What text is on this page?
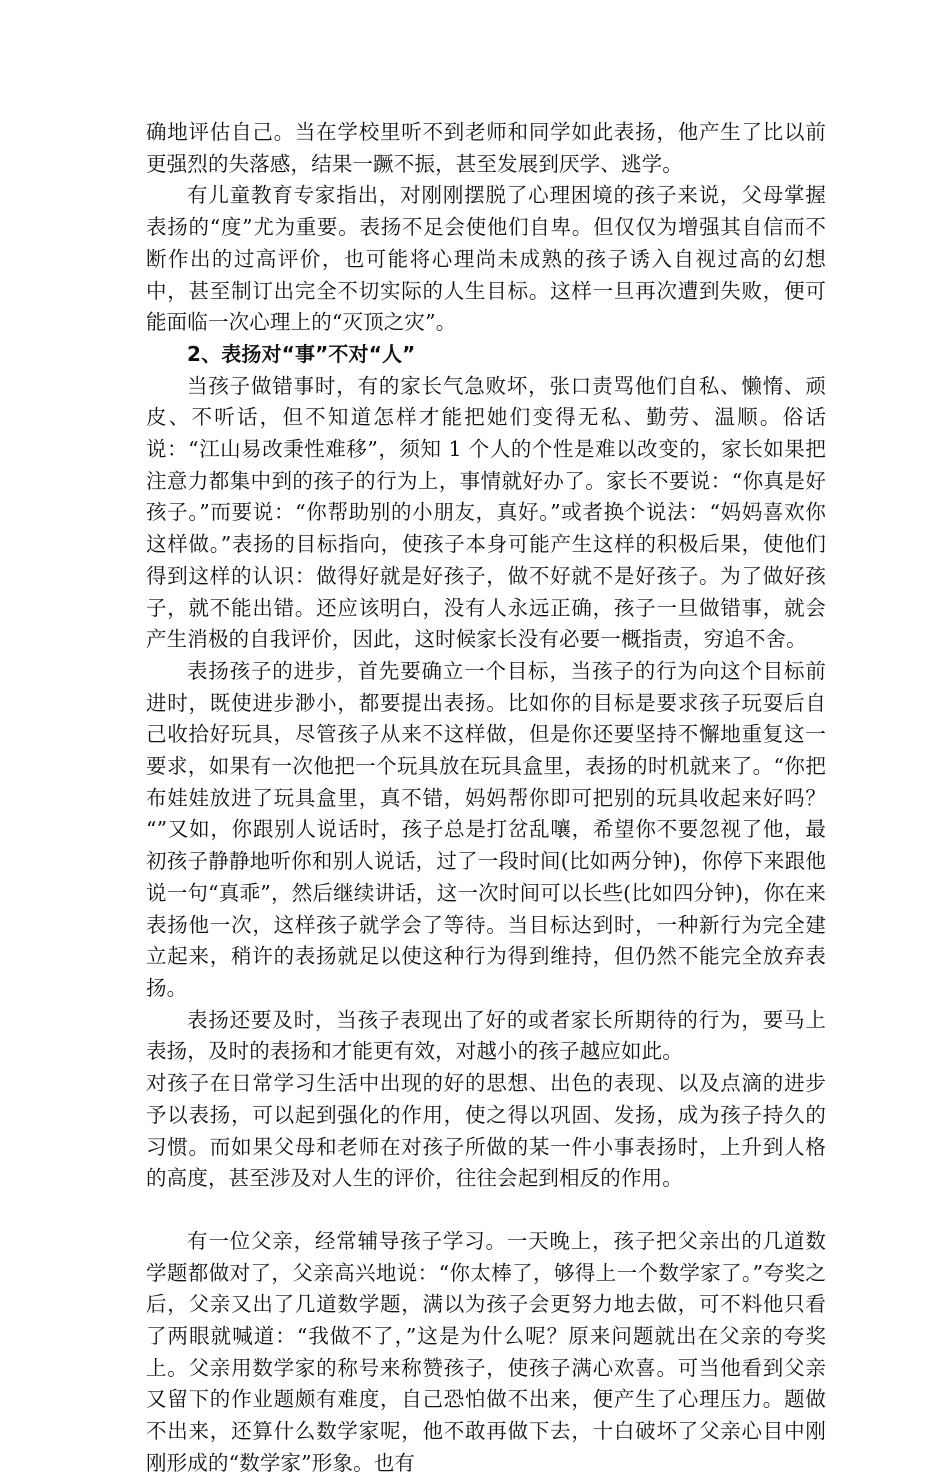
确地评估自己。当在学校里听不到老师和同学如此表扬，他产生了比以前更强烈的失落感，结果一蹶不振，甚至发展到厌学、逃学。

有儿童教育专家指出，对刚刚摆脱了心理困境的孩子来说，父母掌握表扬的“度”尤为重要。表扬不足会使他们自卑。但仅仅为增强其自信而不断作出的过高评价，也可能将心理尚未成熟的孩子诱入自视过高的幻想中，甚至制订出完全不切实际的人生目标。这样一旦再次遭到失败，便可能面临一次心理上的“灭顶之灾”。

2、表扬对“事”不对“人”

当孩子做错事时，有的家长气急败坏，张口责骂他们自私、懒惰、顽皮、不听话，但不知道怎样才能把她们变得无私、勤劳、温顺。俗话说：“江山易改秉性难移”，须知 1 个人的个性是难以改变的，家长如果把注意力都集中到的孩子的行为上，事情就好办了。家长不要说：“你真是好孩子。”而要说：“你帮助别的小朋友，真好。”或者换个说法：“妈妈喜欢你这样做。”表扬的目标指向，使孩子本身可能产生这样的积极后果，使他们得到这样的认识：做得好就是好孩子，做不好就不是好孩子。为了做好孩子，就不能出错。还应该明白，没有人永远正确，孩子一旦做错事，就会产生消极的自我评价，因此，这时候家长没有必要一概指责，穷追不舍。

表扬孩子的进步，首先要确立一个目标，当孩子的行为向这个目标前进时，既使进步渺小，都要提出表扬。比如你的目标是要求孩子玩耍后自己收拾好玩具，尽管孩子从来不这样做，但是你还要坚持不懈地重复这一要求，如果有一次他把一个玩具放在玩具盒里，表扬的时机就来了。“你把布娃娃放进了玩具盒里，真不错，妈妈帮你即可把别的玩具收起来好吗？ “”又如，你跟别人说话时，孩子总是打岔乱嚷，希望你不要忽视了他，最初孩子静静地听你和别人说话，过了一段时间(比如两分钟)，你停下来跟他说一句“真乖”，然后继续讲话，这一次时间可以长些(比如四分钟)，你在来表扬他一次，这样孩子就学会了等待。当目标达到时，一种新行为完全建立起来，稍许的表扬就足以使这种行为得到维持，但仍然不能完全放弃表扬。

表扬还要及时，当孩子表现出了好的或者家长所期待的行为，要马上表扬，及时的表扬和才能更有效，对越小的孩子越应如此。

对孩子在日常学习生活中出现的好的思想、出色的表现、以及点滴的进步予以表扬，可以起到强化的作用，使之得以巩固、发扬，成为孩子持久的习惯。而如果父母和老师在对孩子所做的某一件小事表扬时，上升到人格的高度，甚至涉及对人生的评价，往往会起到相反的作用。

有一位父亲，经常辅导孩子学习。一天晚上，孩子把父亲出的几道数学题都做对了，父亲高兴地说：“你太棒了，够得上一个数学家了。”夸奖之后，父亲又出了几道数学题，满以为孩子会更努力地去做，可不料他只看了两眼就喊道：“我做不了，”这是为什么呢？原来问题就出在父亲的夸奖上。父亲用数学家的称号来称赞孩子，使孩子满心欢喜。可当他看到父亲又留下的作业题颇有难度，自己恐怕做不出来，便产生了心理压力。题做不出来，还算什么数学家呢，他不敢再做下去，十白破坏了父亲心目中刚刚形成的“数学家”形象。也有
